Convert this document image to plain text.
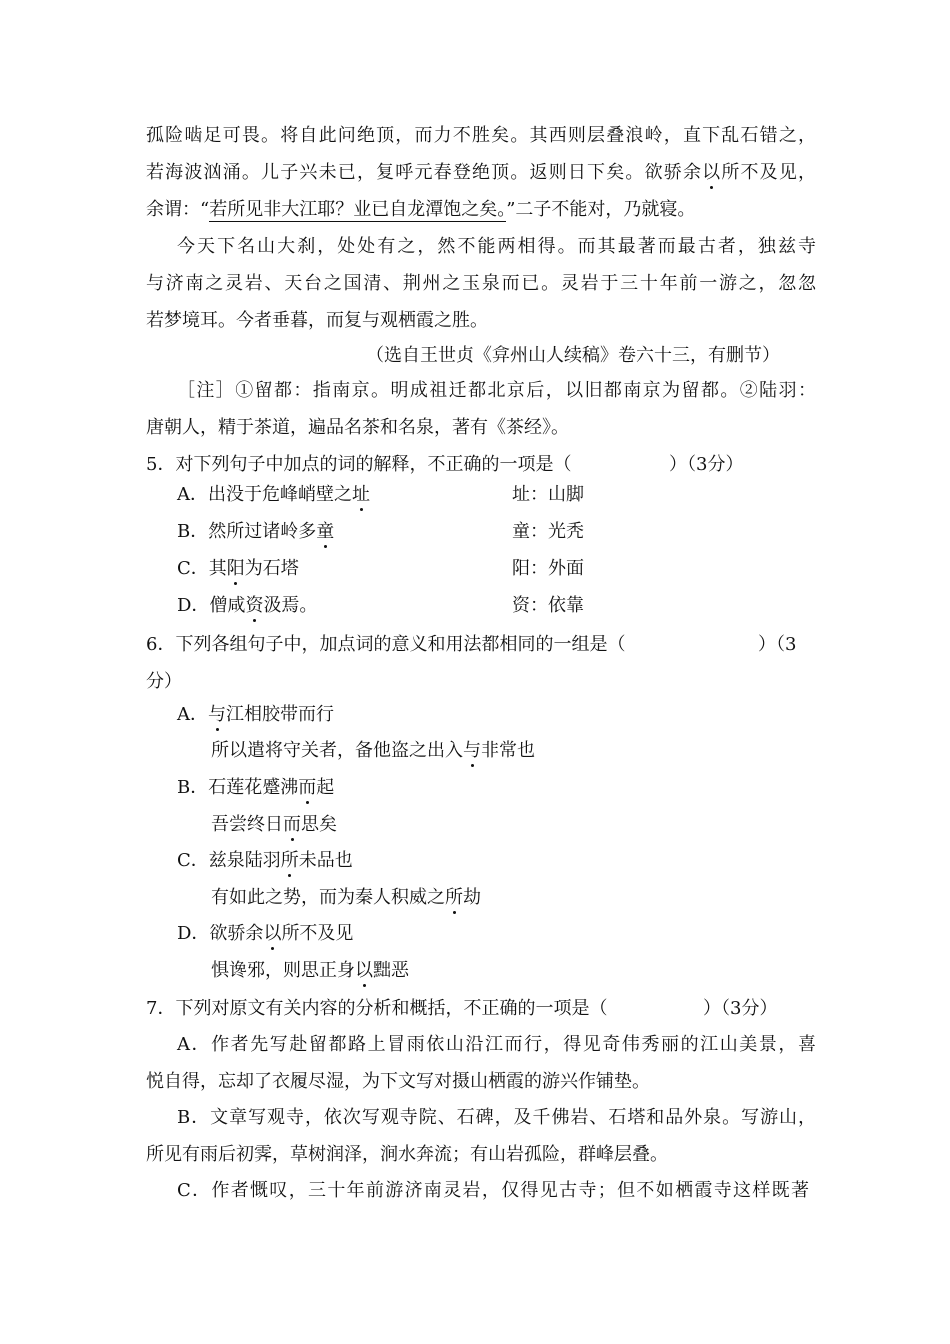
孤险啮足可畏。将自此问绝顶，而力不胜矣。其西则层叠浪岭，直下乱石错之，
若海波汹涌。儿子兴未已，复呼元春登绝顶。返则日下矣。欲骄余以所不及见，
余谓：“若所见非大江耶？业已自龙潭饱之矣。”二子不能对，乃就寝。
今天下名山大刹，处处有之，然不能两相得。而其最著而最古者，独兹寺
与济南之灵岩、天台之国清、荆州之玉泉而已。灵岩于三十年前一游之，忽忽
若梦境耳。今者垂暮，而复与观栖霞之胜。
（选自王世贞《弇州山人续稿》卷六十三，有删节）
［注］①留都：指南京。明成祖迁都北京后，以旧都南京为留都。②陆羽：
唐朝人，精于茶道，遍品名茶和名泉，著有《茶经》。
5．对下列句子中加点的词的解释，不正确的一项是（	）（3分）
A．出没于危峰峭壁之址	址：山脚
B．然所过诸岭多童	童：光秃
C．其阳为石塔	阳：外面
D．僧咸资汲焉。	资：依靠
6．下列各组句子中，加点词的意义和用法都相同的一组是（	）（3
分）
A．与江相胶带而行
所以遣将守关者，备他盗之出入与非常也
B．石莲花蹙沸而起
吾尝终日而思矣
C．兹泉陆羽所未品也
有如此之势，而为秦人积威之所劫
D．欲骄余以所不及见
惧谗邪，则思正身以黜恶
7．下列对原文有关内容的分析和概括，不正确的一项是（	）（3分）
A．作者先写赴留都路上冒雨依山沿江而行，得见奇伟秀丽的江山美景，喜
悦自得，忘却了衣履尽湿，为下文写对摄山栖霞的游兴作铺垫。
B．文章写观寺，依次写观寺院、石碑，及千佛岩、石塔和品外泉。写游山，
所见有雨后初霁，草树润泽，涧水奔流；有山岩孤险，群峰层叠。
C．作者慨叹，三十年前游济南灵岩，仅得见古寺；但不如栖霞寺这样既著
